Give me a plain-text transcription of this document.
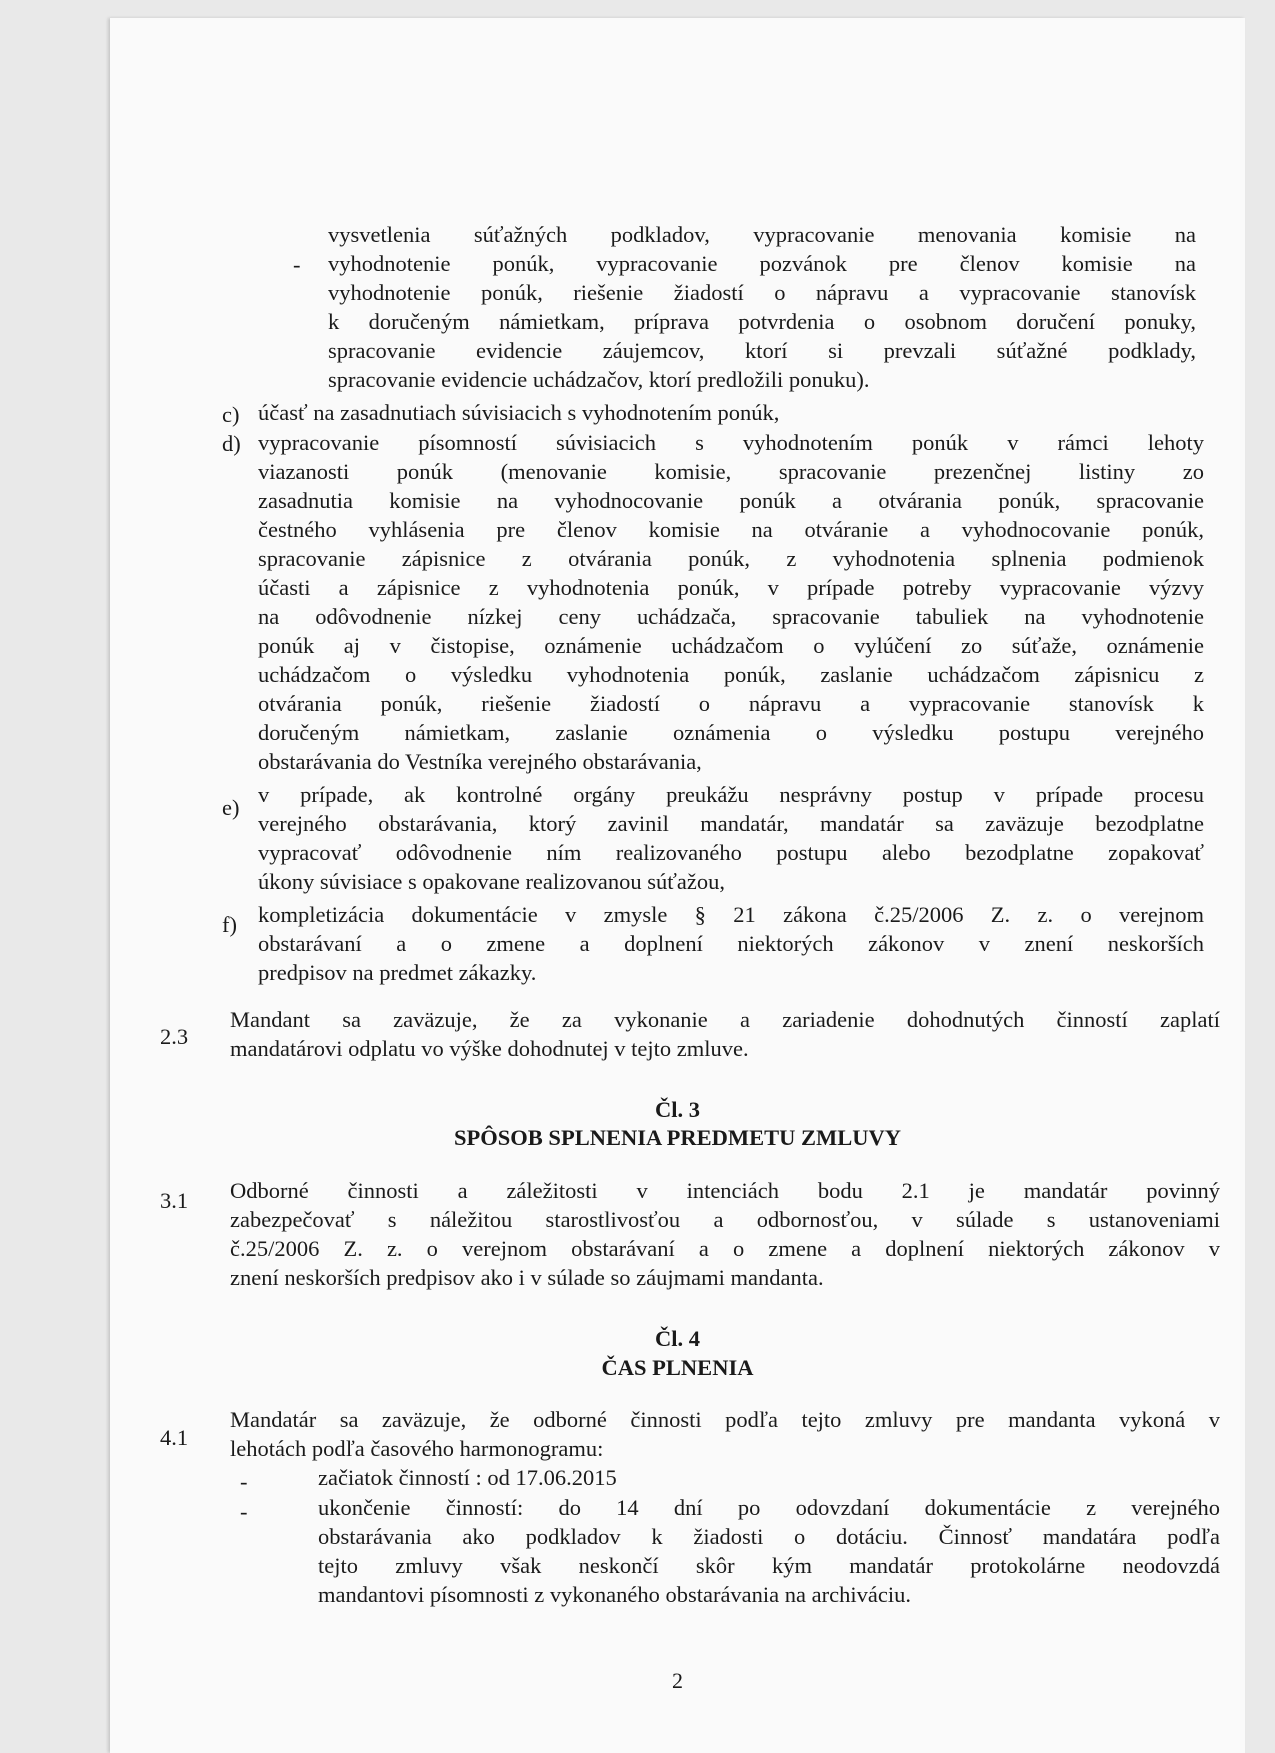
-
vysvetlenia súťažných podkladov, vypracovanie menovania komisie na
vyhodnotenie ponúk, vypracovanie pozvánok pre členov komisie na
vyhodnotenie ponúk, riešenie žiadostí o nápravu a vypracovanie stanovísk
k doručeným námietkam, príprava potvrdenia o osobnom doručení ponuky,
spracovanie evidencie záujemcov, ktorí si prevzali súťažné podklady,
spracovanie evidencie uchádzačov, ktorí predložili ponuku).
c) účasť na zasadnutiach súvisiacich s vyhodnotením ponúk,
d) vypracovanie písomností súvisiacich s vyhodnotením ponúk v rámci lehoty
viazanosti ponúk (menovanie komisie, spracovanie prezenčnej listiny zo
zasadnutia komisie na vyhodnocovanie ponúk a otvárania ponúk, spracovanie
čestného vyhlásenia pre členov komisie na otváranie a vyhodnocovanie ponúk,
spracovanie zápisnice z otvárania ponúk, z vyhodnotenia splnenia podmienok
účasti a zápisnice z vyhodnotenia ponúk, v prípade potreby vypracovanie výzvy
na odôvodnenie nízkej ceny uchádzača, spracovanie tabuliek na vyhodnotenie
ponúk aj v čistopise, oznámenie uchádzačom o vylúčení zo súťaže, oznámenie
uchádzačom o výsledku vyhodnotenia ponúk, zaslanie uchádzačom zápisnicu z
otvárania ponúk, riešenie žiadostí o nápravu a vypracovanie stanovísk k
doručeným námietkam, zaslanie oznámenia o výsledku postupu verejného
obstarávania do Vestníka verejného obstarávania,
e)
v prípade, ak kontrolné orgány preukážu nesprávny postup v prípade procesu
verejného obstarávania, ktorý zavinil mandatár, mandatár sa zaväzuje bezodplatne
vypracovať odôvodnenie ním realizovaného postupu alebo bezodplatne zopakovať
úkony súvisiace s opakovane realizovanou súťažou,
f) kompletizácia dokumentácie v zmysle § 21 zákona č.25/2006 Z. z. o verejnom
obstarávaní a o zmene a doplnení niektorých zákonov v znení neskorších
predpisov na predmet zákazky.
2.3
Mandant sa zaväzuje, že za vykonanie a zariadenie dohodnutých činností zaplatí
mandatárovi odplatu vo výške dohodnutej v tejto zmluve.
Čl. 3
SPÔSOB SPLNENIA PREDMETU ZMLUVY
3.1 Odborné činnosti a záležitosti v intenciách bodu 2.1 je mandatár povinný
zabezpečovať s náležitou starostlivosťou a odbornosťou, v súlade s ustanoveniami
č.25/2006 Z. z. o verejnom obstarávaní a o zmene a doplnení niektorých zákonov v
znení neskorších predpisov ako i v súlade so záujmami mandanta.
Čl. 4
ČAS PLNENIA
4.1
Mandatár sa zaväzuje, že odborné činnosti podľa tejto zmluvy pre mandanta vykoná v
lehotách podľa časového harmonogramu:
-	začiatok činností : od 17.06.2015
-	ukončenie činností: do 14 dní po odovzdaní dokumentácie z verejného
obstarávania ako podkladov k žiadosti o dotáciu. Činnosť mandatára podľa
tejto zmluvy však neskončí skôr kým mandatár protokolárne neodovzdá
mandantovi písomnosti z vykonaného obstarávania na archiváciu.
2
